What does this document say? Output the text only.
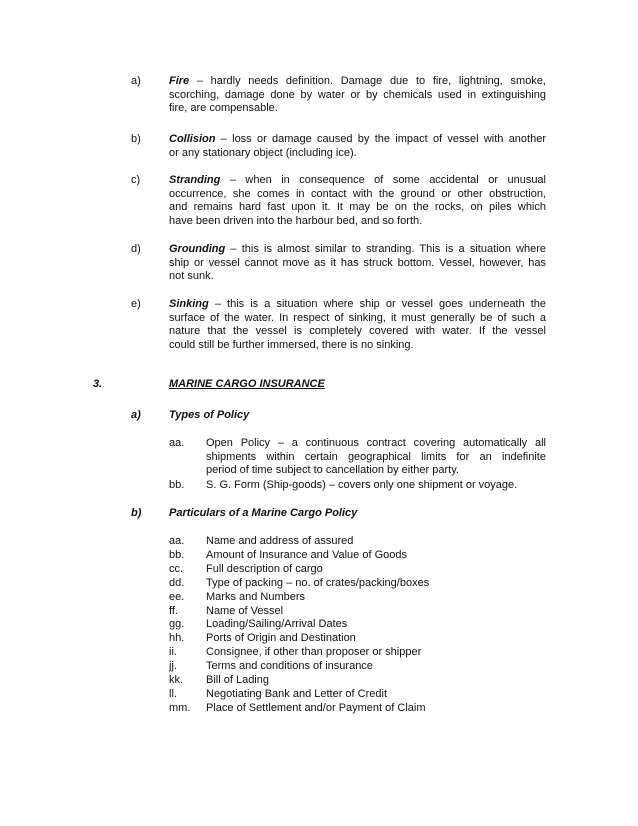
a)	Fire – hardly needs definition. Damage due to fire, lightning, smoke,
scorching, damage done by water or by chemicals used in extinguishing
fire, are compensable.
b)	Collision – loss or damage caused by the impact of vessel with another
or any stationary object (including ice).
c)	Stranding – when in consequence of some accidental or unusual
occurrence, she comes in contact with the ground or other obstruction,
and remains hard fast upon it. It may be on the rocks, on piles which
have been driven into the harbour bed, and so forth.
d)	Grounding – this is almost similar to stranding. This is a situation where
ship or vessel cannot move as it has struck bottom. Vessel, however, has
not sunk.
e)	Sinking – this is a situation where ship or vessel goes underneath the
surface of the water. In respect of sinking, it must generally be of such a
nature that the vessel is completely covered with water. If the vessel
could still be further immersed, there is no sinking.
3.	MARINE CARGO INSURANCE
a)	Types of Policy
aa. Open Policy – a continuous contract covering automatically all
shipments within certain geographical limits for an indefinite
period of time subject to cancellation by either party.
bb. S. G. Form (Ship-goods) – covers only one shipment or voyage.
b)	Particulars of a Marine Cargo Policy
aa. Name and address of assured
bb. Amount of Insurance and Value of Goods
cc. Full description of cargo
dd. Type of packing – no. of crates/packing/boxes
ee. Marks and Numbers
ff.	Name of Vessel
gg. Loading/Sailing/Arrival Dates
hh. Ports of Origin and Destination
ii.	Consignee, if other than proposer or shipper
jj.	Terms and conditions of insurance
kk. Bill of Lading
ll.	Negotiating Bank and Letter of Credit
mm. Place of Settlement and/or Payment of Claim
